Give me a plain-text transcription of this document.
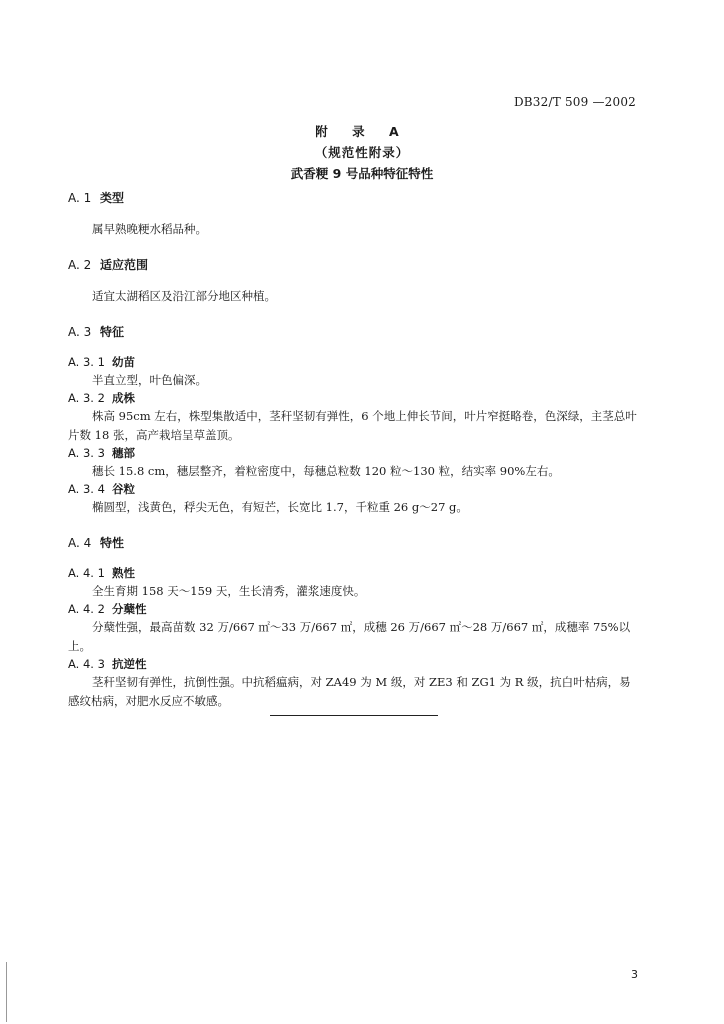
DB32/T 509 —2002
附 录 A
（规范性附录）
武香粳 9 号品种特征特性
A. 1 类型
属早熟晚粳水稻品种。
A. 2 适应范围
适宜太湖稻区及沿江部分地区种植。
A. 3 特征
A. 3. 1 幼苗
半直立型，叶色偏深。
A. 3. 2 成株
株高 95cm 左右，株型集散适中，茎秆坚韧有弹性，6 个地上伸长节间，叶片窄挺略卷，色深绿，主茎总叶片数 18 张，高产栽培呈草盖顶。
A. 3. 3 穗部
穗长 15.8 cm，穗层整齐，着粒密度中，每穗总粒数 120 粒～130 粒，结实率 90%左右。
A. 3. 4 谷粒
椭圆型，浅黄色，稃尖无色，有短芒，长宽比 1.7，千粒重 26 g～27 g。
A. 4 特性
A. 4. 1 熟性
全生育期 158 天～159 天，生长清秀，灌浆速度快。
A. 4. 2 分蘖性
分蘖性强，最高苗数 32 万/667 ㎡～33 万/667 ㎡，成穗 26 万/667 ㎡～28 万/667 ㎡，成穗率 75%以上。
A. 4. 3 抗逆性
茎秆坚韧有弹性，抗倒性强。中抗稻瘟病，对 ZA49 为 M 级，对 ZE3 和 ZG1 为 R 级，抗白叶枯病，易感纹枯病，对肥水反应不敏感。
3
